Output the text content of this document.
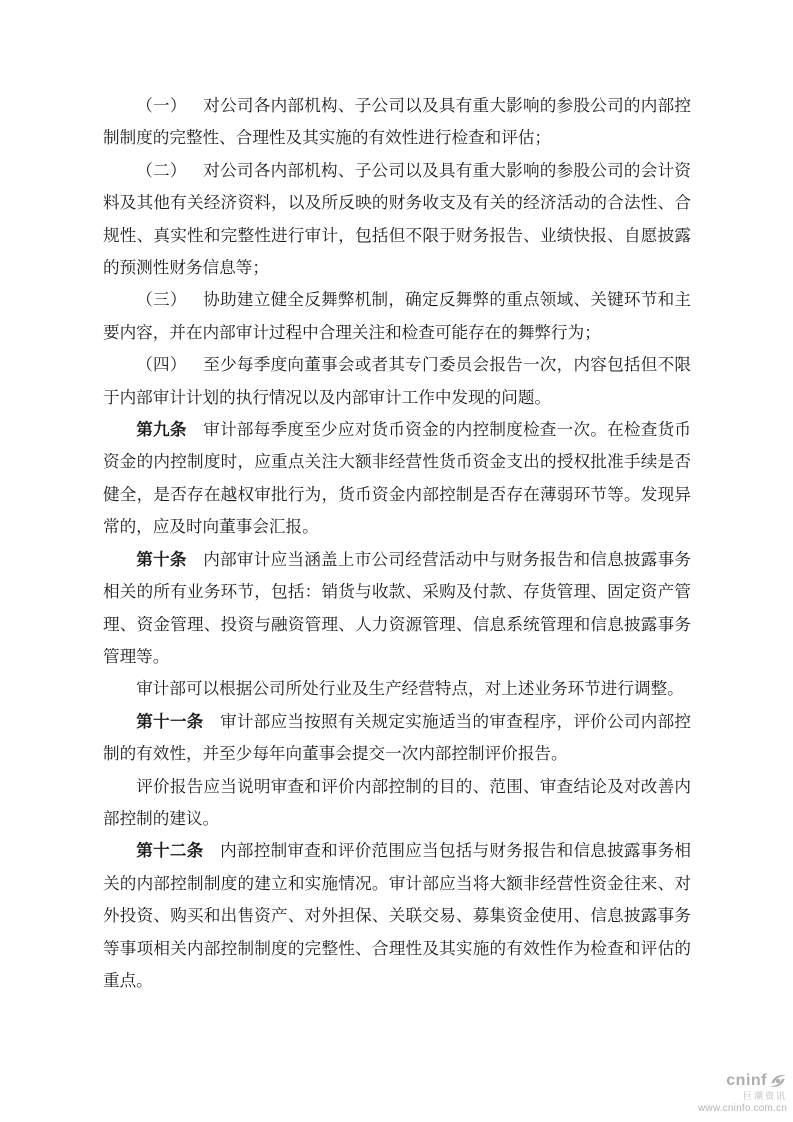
（一） 对公司各内部机构、子公司以及具有重大影响的参股公司的内部控制制度的完整性、合理性及其实施的有效性进行检查和评估；

（二） 对公司各内部机构、子公司以及具有重大影响的参股公司的会计资料及其他有关经济资料，以及所反映的财务收支及有关的经济活动的合法性、合规性、真实性和完整性进行审计，包括但不限于财务报告、业绩快报、自愿披露的预测性财务信息等；

（三） 协助建立健全反舞弊机制，确定反舞弊的重点领域、关键环节和主要内容，并在内部审计过程中合理关注和检查可能存在的舞弊行为；

（四） 至少每季度向董事会或者其专门委员会报告一次，内容包括但不限于内部审计计划的执行情况以及内部审计工作中发现的问题。

第九条 审计部每季度至少应对货币资金的内控制度检查一次。在检查货币资金的内控制度时，应重点关注大额非经营性货币资金支出的授权批准手续是否健全，是否存在越权审批行为，货币资金内部控制是否存在薄弱环节等。发现异常的，应及时向董事会汇报。

第十条 内部审计应当涵盖上市公司经营活动中与财务报告和信息披露事务相关的所有业务环节，包括：销货与收款、采购及付款、存货管理、固定资产管理、资金管理、投资与融资管理、人力资源管理、信息系统管理和信息披露事务管理等。

审计部可以根据公司所处行业及生产经营特点，对上述业务环节进行调整。

第十一条 审计部应当按照有关规定实施适当的审查程序，评价公司内部控制的有效性，并至少每年向董事会提交一次内部控制评价报告。

评价报告应当说明审查和评价内部控制的目的、范围、审查结论及对改善内部控制的建议。

第十二条 内部控制审查和评价范围应当包括与财务报告和信息披露事务相关的内部控制制度的建立和实施情况。审计部应当将大额非经营性资金往来、对外投资、购买和出售资产、对外担保、关联交易、募集资金使用、信息披露事务等事项相关内部控制制度的完整性、合理性及其实施的有效性作为检查和评估的重点。

cninf
巨潮资讯
www.cninfo.com.cn
